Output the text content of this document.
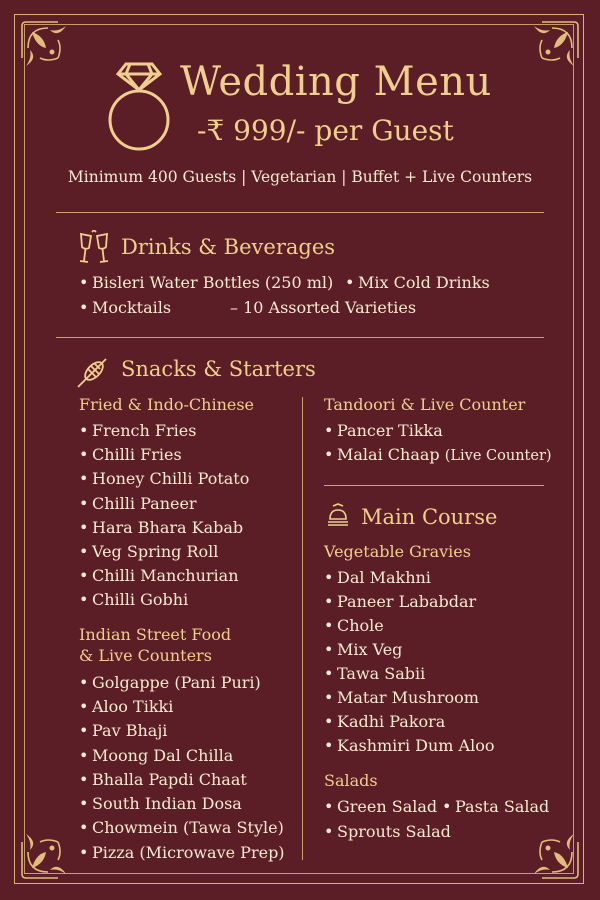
Wedding Menu
-₹ 999/- per Guest
Minimum 400 Guests | Vegetarian | Buffet + Live Counters
Drinks & Beverages
• Bisleri Water Bottles (250 ml) • Mix Cold Drinks
• Mocktails	– 10 Assorted Varieties
Snacks & Starters
Fried & Indo-Chinese
• French Fries
• Chilli Fries
• Honey Chilli Potato
• Chilli Paneer
• Hara Bhara Kabab
• Veg Spring Roll
• Chilli Manchurian
• Chilli Gobhi
Indian Street Food
& Live Counters
• Golgappe (Pani Puri)
• Aloo Tikki
• Pav Bhaji
• Moong Dal Chilla
• Bhalla Papdi Chaat
• South Indian Dosa
• Chowmein (Tawa Style)
• Pizza (Microwave Prep)
Tandoori & Live Counter
• Pancer Tikka
• Malai Chaap (Live Counter)
Main Course
Vegetable Gravies
• Dal Makhni
• Paneer Lababdar
• Chole
• Mix Veg
• Tawa Sabii
• Matar Mushroom
• Kadhi Pakora
• Kashmiri Dum Aloo
Salads
• Green Salad • Pasta Salad
• Sprouts Salad
